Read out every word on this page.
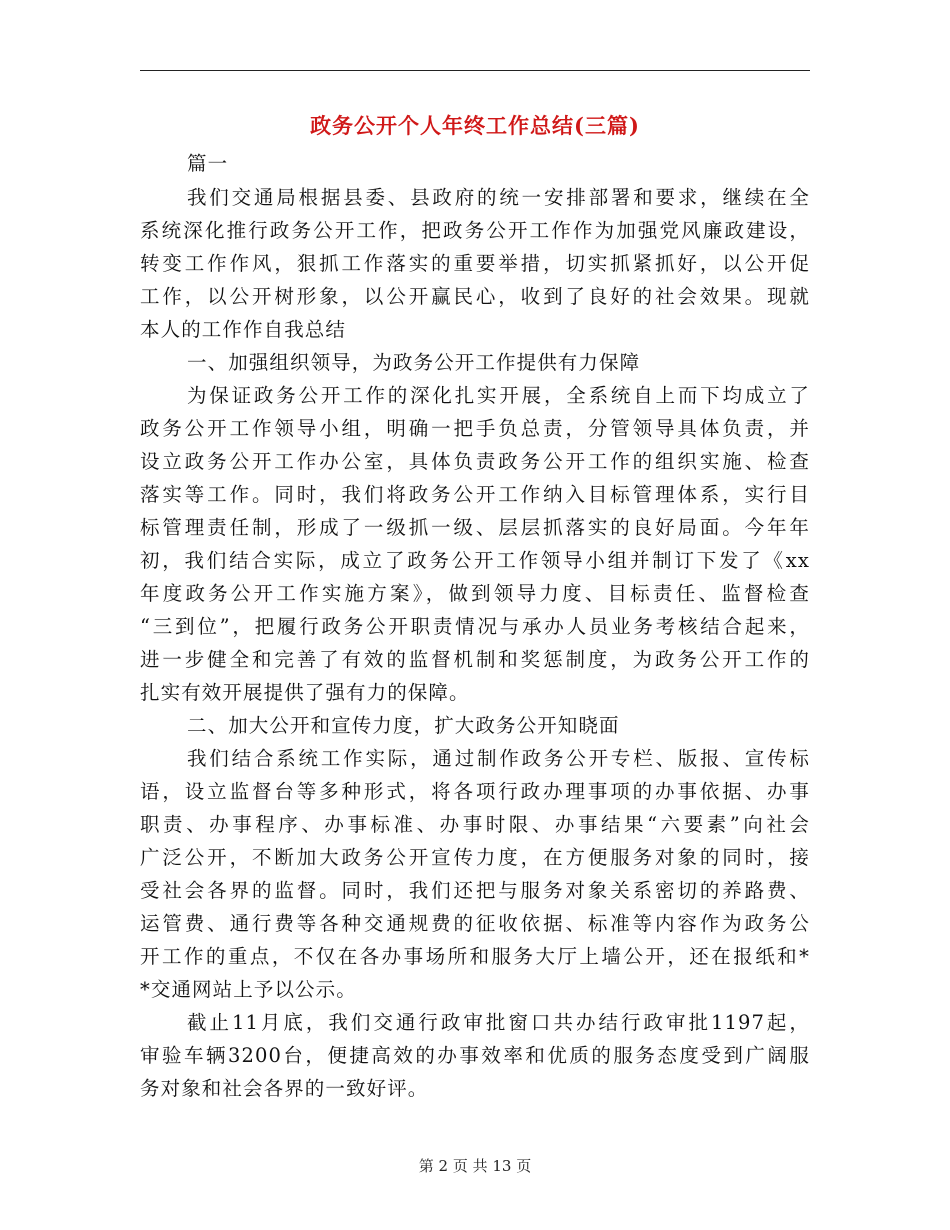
政务公开个人年终工作总结(三篇)
篇一
我们交通局根据县委、县政府的统一安排部署和要求，继续在全
系统深化推行政务公开工作，把政务公开工作作为加强党风廉政建设，
转变工作作风，狠抓工作落实的重要举措，切实抓紧抓好，以公开促
工作，以公开树形象，以公开赢民心，收到了良好的社会效果。现就
本人的工作作自我总结
一、加强组织领导，为政务公开工作提供有力保障
为保证政务公开工作的深化扎实开展，全系统自上而下均成立了
政务公开工作领导小组，明确一把手负总责，分管领导具体负责，并
设立政务公开工作办公室，具体负责政务公开工作的组织实施、检查
落实等工作。同时，我们将政务公开工作纳入目标管理体系，实行目
标管理责任制，形成了一级抓一级、层层抓落实的良好局面。今年年
初，我们结合实际，成立了政务公开工作领导小组并制订下发了《xx
年度政务公开工作实施方案》，做到领导力度、目标责任、监督检查
“三到位”，把履行政务公开职责情况与承办人员业务考核结合起来，
进一步健全和完善了有效的监督机制和奖惩制度，为政务公开工作的
扎实有效开展提供了强有力的保障。
二、加大公开和宣传力度，扩大政务公开知晓面
我们结合系统工作实际，通过制作政务公开专栏、版报、宣传标
语，设立监督台等多种形式，将各项行政办理事项的办事依据、办事
职责、办事程序、办事标准、办事时限、办事结果“六要素”向社会
广泛公开，不断加大政务公开宣传力度，在方便服务对象的同时，接
受社会各界的监督。同时，我们还把与服务对象关系密切的养路费、
运管费、通行费等各种交通规费的征收依据、标准等内容作为政务公
开工作的重点，不仅在各办事场所和服务大厅上墙公开，还在报纸和*
*交通网站上予以公示。
截止11月底，我们交通行政审批窗口共办结行政审批1197起，
审验车辆3200台，便捷高效的办事效率和优质的服务态度受到广阔服
务对象和社会各界的一致好评。
第 2 页 共 13 页
